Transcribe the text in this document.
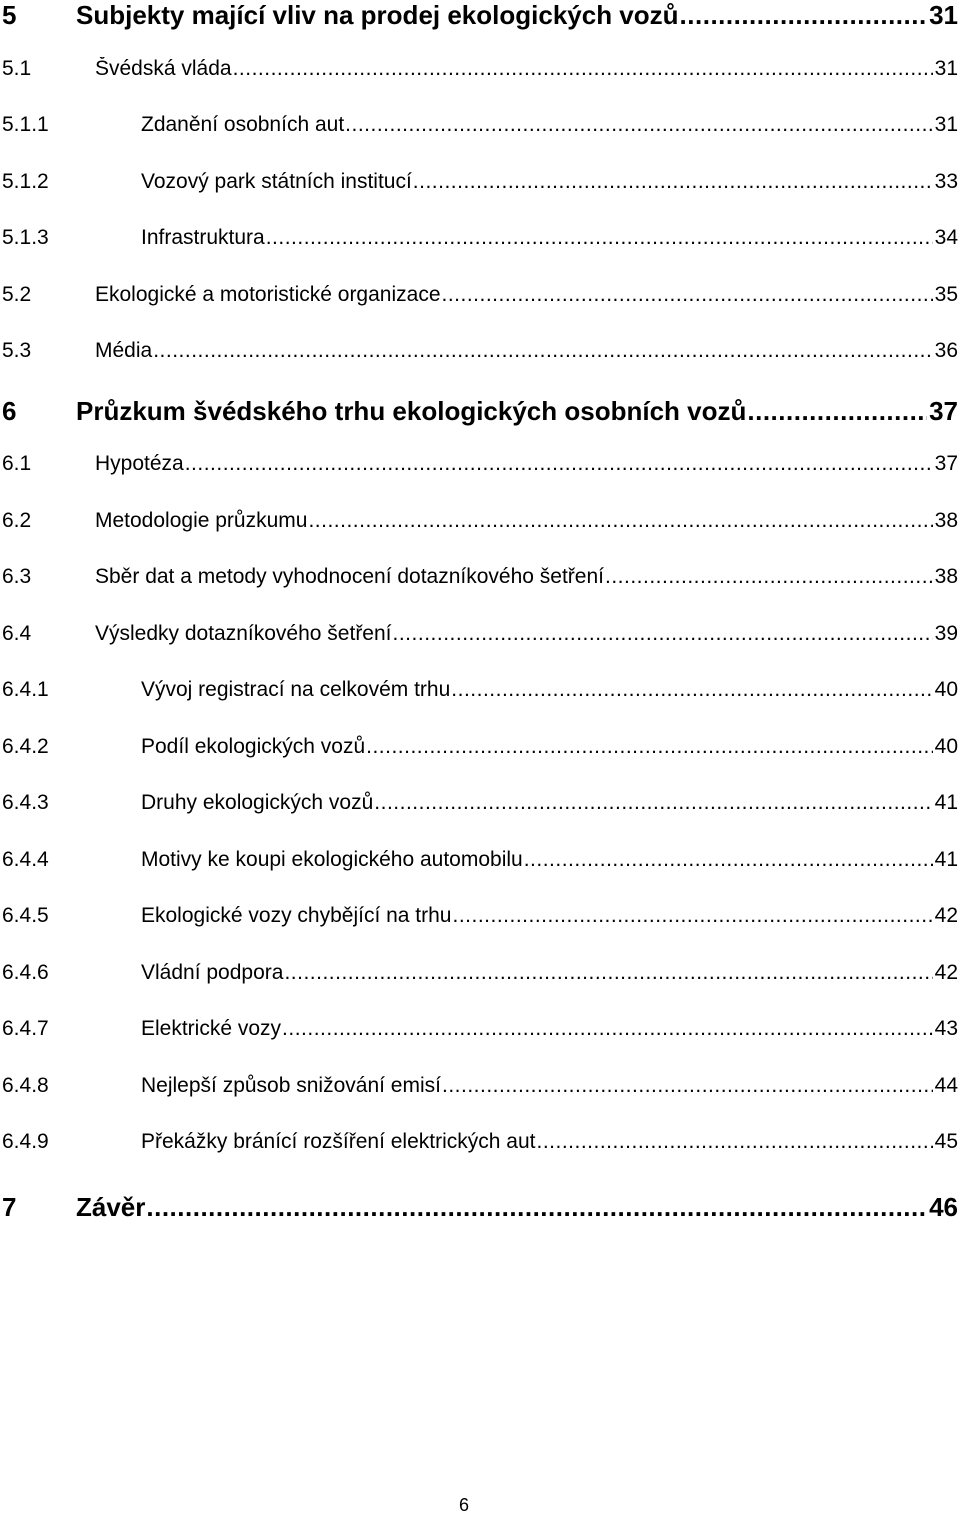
5 Subjekty mající vliv na prodej ekologických vozů .....	31
5.1	Švédská vláda .....	31
5.1.1	Zdanění osobních aut .....	31
5.1.2	Vozový park státních institucí .....	33
5.1.3	Infrastruktura .....	34
5.2	Ekologické a motoristické organizace .....	35
5.3	Média .....	36
6 Průzkum švédského trhu ekologických osobních vozů .....	37
6.1	Hypotéza .....	37
6.2	Metodologie průzkumu .....	38
6.3	Sběr dat a metody vyhodnocení dotazníkového šetření .....	38
6.4	Výsledky dotazníkového šetření .....	39
6.4.1	Vývoj registrací na celkovém trhu .....	40
6.4.2	Podíl ekologických vozů .....	40
6.4.3	Druhy ekologických vozů .....	41
6.4.4	Motivy ke koupi ekologického automobilu .....	41
6.4.5	Ekologické vozy chybějící na trhu .....	42
6.4.6	Vládní podpora .....	42
6.4.7	Elektrické vozy .....	43
6.4.8	Nejlepší způsob snižování emisí .....	44
6.4.9	Překážky bránící rozšíření elektrických aut .....	45
7 Závěr .....	46
6
